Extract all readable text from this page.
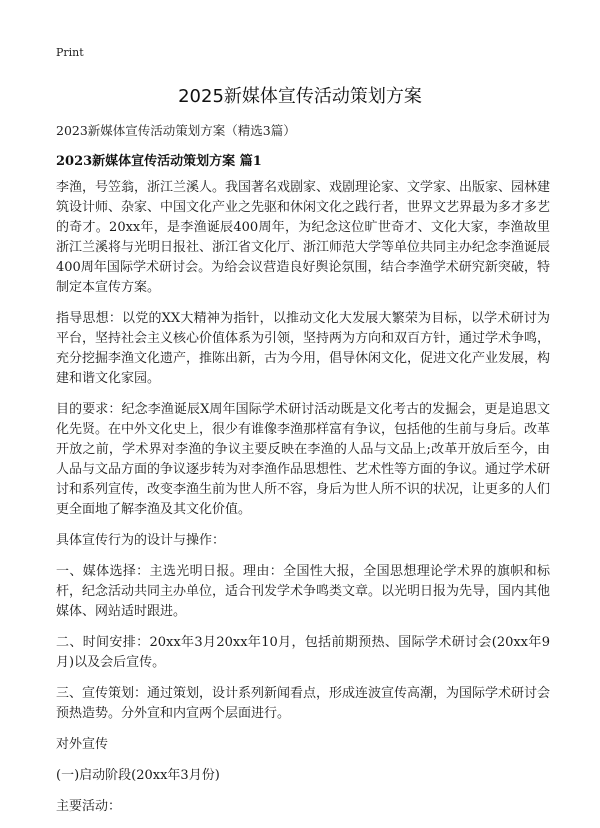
Print
2025新媒体宣传活动策划方案
2023新媒体宣传活动策划方案（精选3篇）
2023新媒体宣传活动策划方案 篇1

李渔，号笠翁，浙江兰溪人。我国著名戏剧家、戏剧理论家、文学家、出版家、园林建筑设计师、杂家、中国文化产业之先驱和休闲文化之践行者，世界文艺界最为多才多艺的奇才。20xx年，是李渔诞辰400周年，为纪念这位旷世奇才、文化大家，李渔故里浙江兰溪将与光明日报社、浙江省文化厅、浙江师范大学等单位共同主办纪念李渔诞辰400周年国际学术研讨会。为给会议营造良好舆论氛围，结合李渔学术研究新突破，特制定本宣传方案。

指导思想：以党的XX大精神为指针，以推动文化大发展大繁荣为目标，以学术研讨为平台，坚持社会主义核心价值体系为引领，坚持两为方向和双百方针，通过学术争鸣，充分挖掘李渔文化遗产，推陈出新，古为今用，倡导休闲文化，促进文化产业发展，构建和谐文化家园。

目的要求：纪念李渔诞辰X周年国际学术研讨活动既是文化考古的发掘会，更是追思文化先贤。在中外文化史上，很少有谁像李渔那样富有争议，包括他的生前与身后。改革开放之前，学术界对李渔的争议主要反映在李渔的人品与文品上;改革开放后至今，由人品与文品方面的争议逐步转为对李渔作品思想性、艺术性等方面的争议。通过学术研讨和系列宣传，改变李渔生前为世人所不容，身后为世人所不识的状况，让更多的人们更全面地了解李渔及其文化价值。

具体宣传行为的设计与操作：

一、媒体选择：主选光明日报。理由：全国性大报，全国思想理论学术界的旗帜和标杆，纪念活动共同主办单位，适合刊发学术争鸣类文章。以光明日报为先导，国内其他媒体、网站适时跟进。

二、时间安排：20xx年3月20xx年10月，包括前期预热、国际学术研讨会(20xx年9月)以及会后宣传。

三、宣传策划：通过策划，设计系列新闻看点，形成连波宣传高潮，为国际学术研讨会预热造势。分外宣和内宣两个层面进行。

对外宣传

(一)启动阶段(20xx年3月份)

主要活动：
